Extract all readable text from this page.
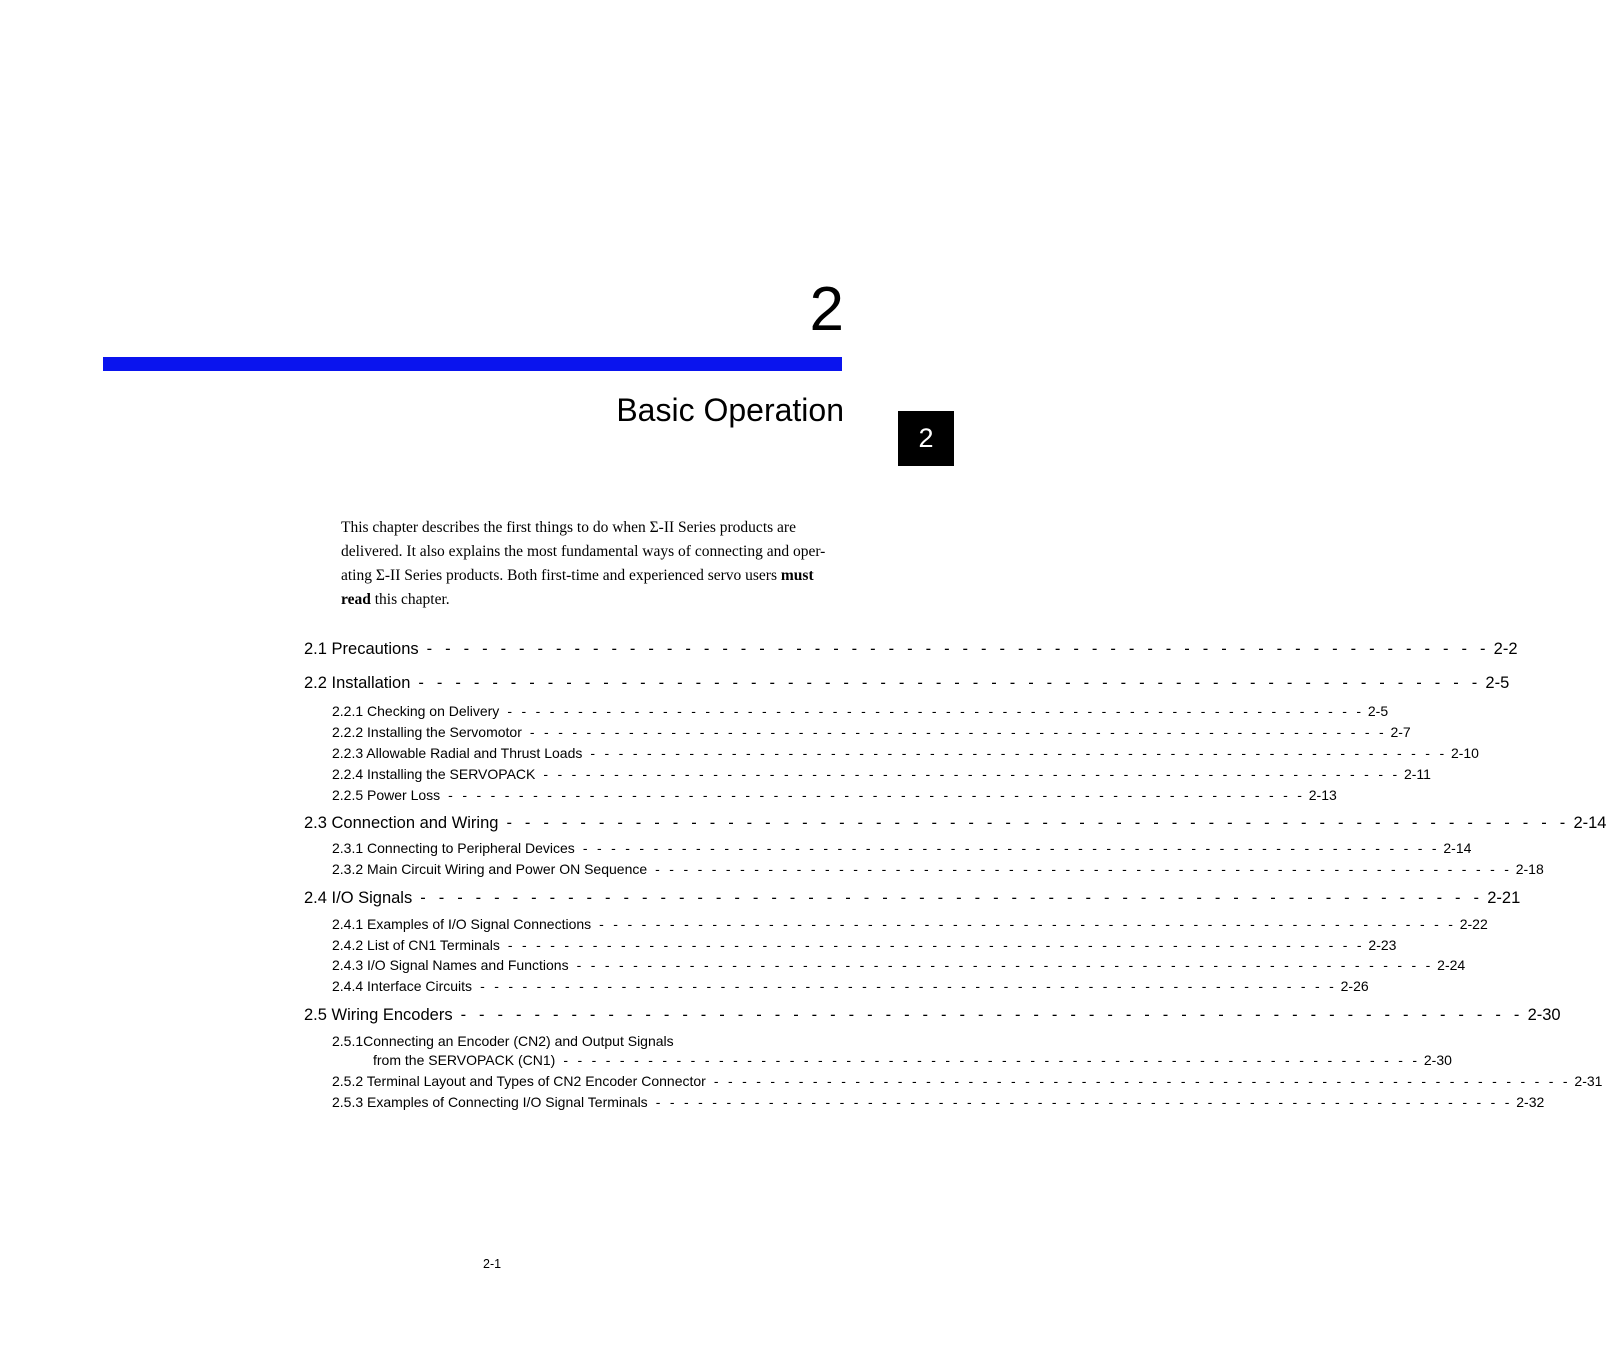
2
Basic Operation
2
This chapter describes the first things to do when Σ-II Series products are
delivered. It also explains the most fundamental ways of connecting and oper-
ating Σ-II Series products. Both first-time and experienced servo users must
read this chapter.
2.1 Precautions - - - - - - - - - - - - - - - - - - - - - - - - - - - - - - - - - - - - - - - - - - - - - - - - - - - - - - - - - - 2-2
2.2 Installation - - - - - - - - - - - - - - - - - - - - - - - - - - - - - - - - - - - - - - - - - - - - - - - - - - - - - - - - - - 2-5
2.2.1 Checking on Delivery - - - - - - - - - - - - - - - - - - - - - - - - - - - - - - - - - - - - - - - - - - - - - - - - - - - - - - - - - - - - - 2-5
2.2.2 Installing the Servomotor - - - - - - - - - - - - - - - - - - - - - - - - - - - - - - - - - - - - - - - - - - - - - - - - - - - - - - - - - - - - - 2-7
2.2.3 Allowable Radial and Thrust Loads - - - - - - - - - - - - - - - - - - - - - - - - - - - - - - - - - - - - - - - - - - - - - - - - - - - - - - - - - - - - - 2-10
2.2.4 Installing the SERVOPACK - - - - - - - - - - - - - - - - - - - - - - - - - - - - - - - - - - - - - - - - - - - - - - - - - - - - - - - - - - - - - 2-11
2.2.5 Power Loss - - - - - - - - - - - - - - - - - - - - - - - - - - - - - - - - - - - - - - - - - - - - - - - - - - - - - - - - - - - - - 2-13
2.3 Connection and Wiring - - - - - - - - - - - - - - - - - - - - - - - - - - - - - - - - - - - - - - - - - - - - - - - - - - - - - - - - - - 2-14
2.3.1 Connecting to Peripheral Devices - - - - - - - - - - - - - - - - - - - - - - - - - - - - - - - - - - - - - - - - - - - - - - - - - - - - - - - - - - - - - 2-14
2.3.2 Main Circuit Wiring and Power ON Sequence - - - - - - - - - - - - - - - - - - - - - - - - - - - - - - - - - - - - - - - - - - - - - - - - - - - - - - - - - - - - - 2-18
2.4 I/O Signals - - - - - - - - - - - - - - - - - - - - - - - - - - - - - - - - - - - - - - - - - - - - - - - - - - - - - - - - - - 2-21
2.4.1 Examples of I/O Signal Connections - - - - - - - - - - - - - - - - - - - - - - - - - - - - - - - - - - - - - - - - - - - - - - - - - - - - - - - - - - - - - 2-22
2.4.2 List of CN1 Terminals - - - - - - - - - - - - - - - - - - - - - - - - - - - - - - - - - - - - - - - - - - - - - - - - - - - - - - - - - - - - - 2-23
2.4.3 I/O Signal Names and Functions - - - - - - - - - - - - - - - - - - - - - - - - - - - - - - - - - - - - - - - - - - - - - - - - - - - - - - - - - - - - - 2-24
2.4.4 Interface Circuits - - - - - - - - - - - - - - - - - - - - - - - - - - - - - - - - - - - - - - - - - - - - - - - - - - - - - - - - - - - - - 2-26
2.5 Wiring Encoders - - - - - - - - - - - - - - - - - - - - - - - - - - - - - - - - - - - - - - - - - - - - - - - - - - - - - - - - - - 2-30
2.5.1Connecting an Encoder (CN2) and Output Signals
from the SERVOPACK (CN1) - - - - - - - - - - - - - - - - - - - - - - - - - - - - - - - - - - - - - - - - - - - - - - - - - - - - - - - - - - - - - 2-30
2.5.2 Terminal Layout and Types of CN2 Encoder Connector - - - - - - - - - - - - - - - - - - - - - - - - - - - - - - - - - - - - - - - - - - - - - - - - - - - - - - - - - - - - - 2-31
2.5.3 Examples of Connecting I/O Signal Terminals - - - - - - - - - - - - - - - - - - - - - - - - - - - - - - - - - - - - - - - - - - - - - - - - - - - - - - - - - - - - - 2-32
2-1
